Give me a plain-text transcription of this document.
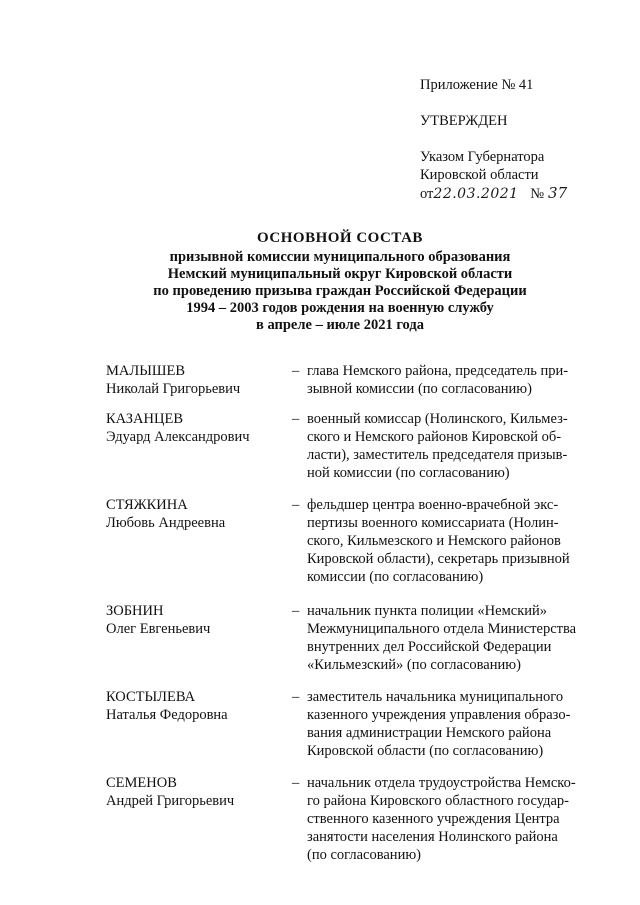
Приложение № 41
УТВЕРЖДЕН
Указом Губернатора
Кировской области
от22.03.2021 № 37
ОСНОВНОЙ СОСТАВ
призывной комиссии муниципального образования
Немский муниципальный округ Кировской области
по проведению призыва граждан Российской Федерации
1994 – 2003 годов рождения на военную службу
в апреле – июле 2021 года
МАЛЫШЕВ
Николай Григорьевич
– глава Немского района, председатель при-
зывной комиссии (по согласованию)
КАЗАНЦЕВ
Эдуард Александрович
– военный комиссар (Нолинского, Кильмез-
ского и Немского районов Кировской об-
ласти), заместитель председателя призыв-
ной комиссии (по согласованию)
СТЯЖКИНА
Любовь Андреевна
– фельдшер центра военно-врачебной экс-
пертизы военного комиссариата (Нолин-
ского, Кильмезского и Немского районов
Кировской области), секретарь призывной
комиссии (по согласованию)
ЗОБНИН
Олег Евгеньевич
– начальник пункта полиции «Немский»
Межмуниципального отдела Министерства
внутренних дел Российской Федерации
«Кильмезский» (по согласованию)
КОСТЫЛЕВА
Наталья Федоровна
– заместитель начальника муниципального
казенного учреждения управления образо-
вания администрации Немского района
Кировской области (по согласованию)
СЕМЕНОВ
Андрей Григорьевич
– начальник отдела трудоустройства Немско-
го района Кировского областного государ-
ственного казенного учреждения Центра
занятости населения Нолинского района
(по согласованию)
